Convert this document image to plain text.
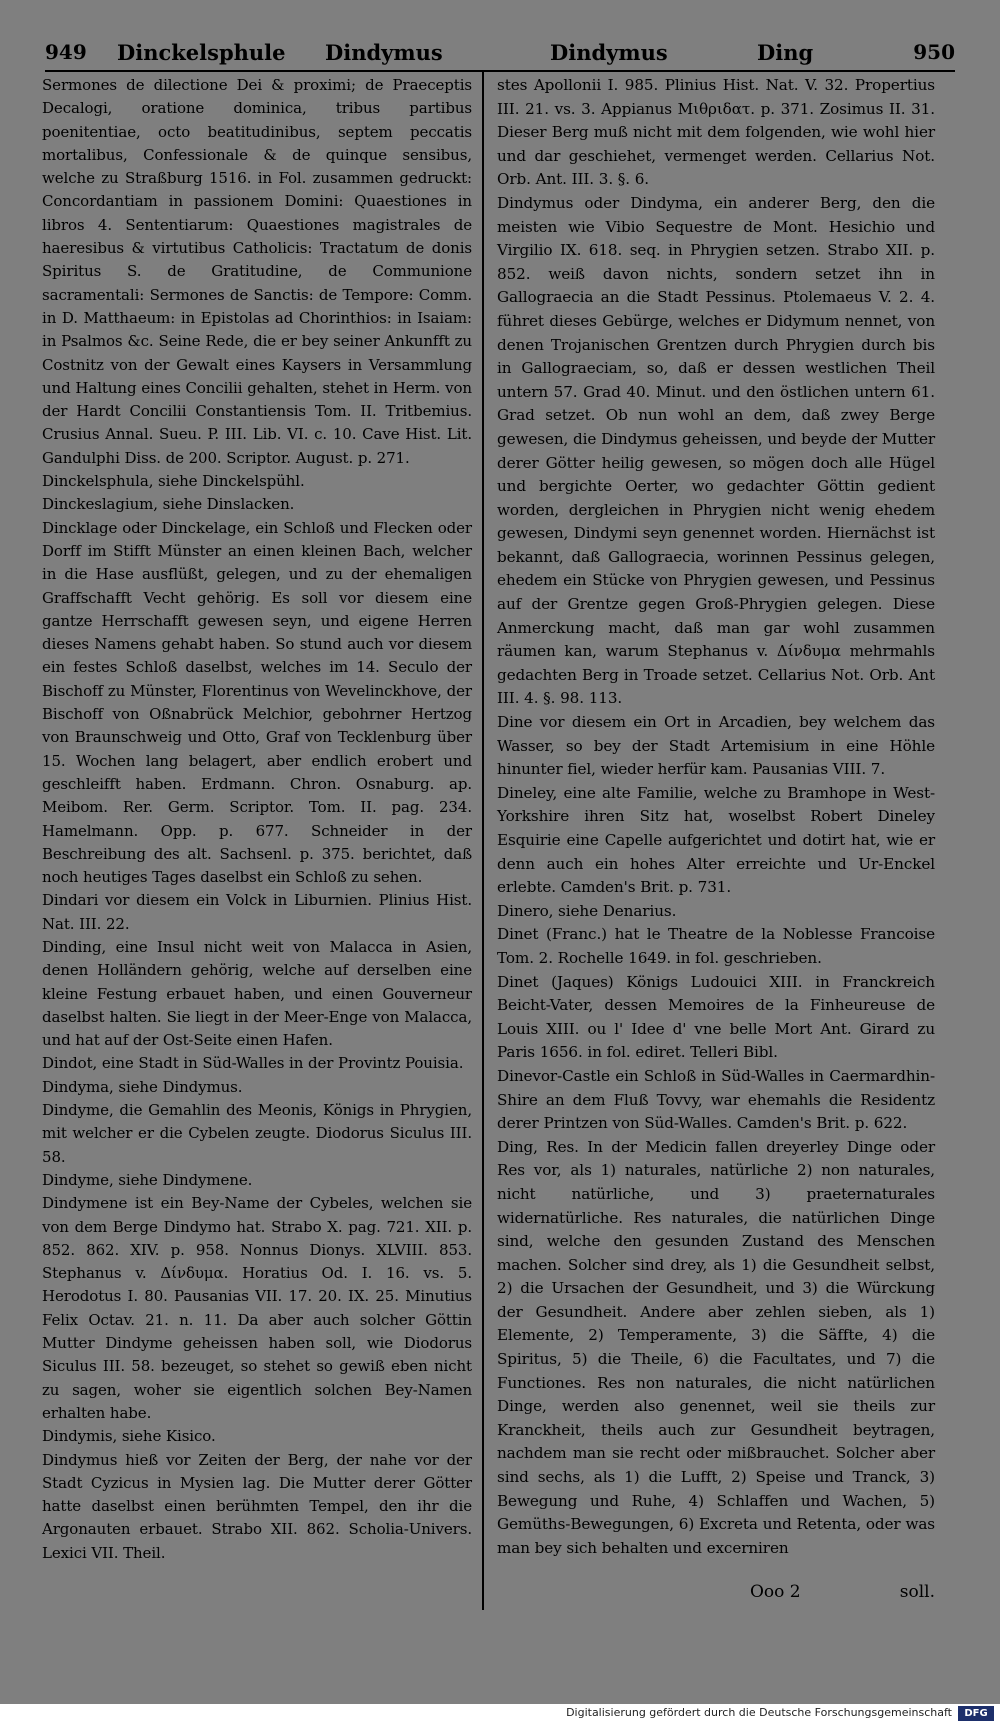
949 Dinckelsphule Dindymus	Dindymus	Ding	950

Sermones de dilectione Dei & proximi; de Praeceptis Decalogi, oratione dominica, tribus partibus poenitentiae, octo beatitudinibus, septem peccatis mortalibus, Confessionale & de quinque sensibus, welche zu Straßburg 1516. in Fol. zusammen gedruckt: Concordantiam in passionem Domini: Quaestiones in libros 4. Sententiarum: Quaestiones magistrales de haeresibus & virtutibus Catholicis: Tractatum de donis Spiritus S. de Gratitudine, de Communione sacramentali: Sermones de Sanctis: de Tempore: Comm. in D. Matthaeum: in Epistolas ad Chorinthios: in Isaiam: in Psalmos &c. Seine Rede, die er bey seiner Ankunfft zu Costnitz von der Gewalt eines Kaysers in Versammlung und Haltung eines Concilii gehalten, stehet in Herm. von der Hardt Concilii Constantiensis Tom. II. Tritbemius. Crusius Annal. Sueu. P. III. Lib. VI. c. 10. Cave Hist. Lit. Gandulphi Diss. de 200. Scriptor. August. p. 271.

Dinckelsphula, siehe Dinckelspühl.

Dinckeslagium, siehe Dinslacken.

Dincklage oder Dinckelage, ein Schloß und Flecken oder Dorff im Stifft Münster an einen kleinen Bach, welcher in die Hase ausflüßt, gelegen, und zu der ehemaligen Graffschafft Vecht gehörig. Es soll vor diesem eine gantze Herrschafft gewesen seyn, und eigene Herren dieses Namens gehabt haben. So stund auch vor diesem ein festes Schloß daselbst, welches im 14. Seculo der Bischoff zu Münster, Florentinus von Wevelinckhove, der Bischoff von Oßnabrück Melchior, gebohrner Hertzog von Braunschweig und Otto, Graf von Tecklenburg über 15. Wochen lang belagert, aber endlich erobert und geschleifft haben. Erdmann. Chron. Osnaburg. ap. Meibom. Rer. Germ. Scriptor. Tom. II. pag. 234. Hamelmann. Opp. p. 677. Schneider in der Beschreibung des alt. Sachsenl. p. 375. berichtet, daß noch heutiges Tages daselbst ein Schloß zu sehen.

Dindari vor diesem ein Volck in Liburnien. Plinius Hist. Nat. III. 22.

Dinding, eine Insul nicht weit von Malacca in Asien, denen Holländern gehörig, welche auf derselben eine kleine Festung erbauet haben, und einen Gouverneur daselbst halten. Sie liegt in der Meer-Enge von Malacca, und hat auf der Ost-Seite einen Hafen.

Dindot, eine Stadt in Süd-Walles in der Provintz Pouisia.

Dindyma, siehe Dindymus.

Dindyme, die Gemahlin des Meonis, Königs in Phrygien, mit welcher er die Cybelen zeugte. Diodorus Siculus III. 58.

Dindyme, siehe Dindymene.

Dindymene ist ein Bey-Name der Cybeles, welchen sie von dem Berge Dindymo hat. Strabo X. pag. 721. XII. p. 852. 862. XIV. p. 958. Nonnus Dionys. XLVIII. 853. Stephanus v. Δίνδυμα. Horatius Od. I. 16. vs. 5. Herodotus I. 80. Pausanias VII. 17. 20. IX. 25. Minutius Felix Octav. 21. n. 11. Da aber auch solcher Göttin Mutter Dindyme geheissen haben soll, wie Diodorus Siculus III. 58. bezeuget, so stehet so gewiß eben nicht zu sagen, woher sie eigentlich solchen Bey-Namen erhalten habe.

Dindymis, siehe Kisico.

Dindymus hieß vor Zeiten der Berg, der nahe vor der Stadt Cyzicus in Mysien lag. Die Mutter derer Götter hatte daselbst einen berühmten Tempel, den ihr die Argonauten erbauet. Strabo XII. 862. Scholia-Univers. Lexici VII. Theil.

stes Apollonii I. 985. Plinius Hist. Nat. V. 32. Propertius III. 21. vs. 3. Appianus Μιθριδατ. p. 371. Zosimus II. 31. Dieser Berg muß nicht mit dem folgenden, wie wohl hier und dar geschiehet, vermenget werden. Cellarius Not. Orb. Ant. III. 3. §. 6.

Dindymus oder Dindyma, ein anderer Berg, den die meisten wie Vibio Sequestre de Mont. Hesichio und Virgilio IX. 618. seq. in Phrygien setzen. Strabo XII. p. 852. weiß davon nichts, sondern setzet ihn in Gallograecia an die Stadt Pessinus. Ptolemaeus V. 2. 4. führet dieses Gebürge, welches er Didymum nennet, von denen Trojanischen Grentzen durch Phrygien durch bis in Gallograeciam, so, daß er dessen westlichen Theil untern 57. Grad 40. Minut. und den östlichen untern 61. Grad setzet. Ob nun wohl an dem, daß zwey Berge gewesen, die Dindymus geheissen, und beyde der Mutter derer Götter heilig gewesen, so mögen doch alle Hügel und bergichte Oerter, wo gedachter Göttin gedient worden, dergleichen in Phrygien nicht wenig ehedem gewesen, Dindymi seyn genennet worden. Hiernächst ist bekannt, daß Gallograecia, worinnen Pessinus gelegen, ehedem ein Stücke von Phrygien gewesen, und Pessinus auf der Grentze gegen Groß-Phrygien gelegen. Diese Anmerckung macht, daß man gar wohl zusammen räumen kan, warum Stephanus v. Δίνδυμα mehrmahls gedachten Berg in Troade setzet. Cellarius Not. Orb. Ant III. 4. §. 98. 113.

Dine vor diesem ein Ort in Arcadien, bey welchem das Wasser, so bey der Stadt Artemisium in eine Höhle hinunter fiel, wieder herfür kam. Pausanias VIII. 7.

Dineley, eine alte Familie, welche zu Bramhope in West-Yorkshire ihren Sitz hat, woselbst Robert Dineley Esquirie eine Capelle aufgerichtet und dotirt hat, wie er denn auch ein hohes Alter erreichte und Ur-Enckel erlebte. Camden's Brit. p. 731.

Dinero, siehe Denarius.

Dinet (Franc.) hat le Theatre de la Noblesse Francoise Tom. 2. Rochelle 1649. in fol. geschrieben.

Dinet (Jaques) Königs Ludouici XIII. in Franckreich Beicht-Vater, dessen Memoires de la Finheureuse de Louis XIII. ou l' Idee d' vne belle Mort Ant. Girard zu Paris 1656. in fol. ediret. Telleri Bibl.

Dinevor-Castle ein Schloß in Süd-Walles in Caermardhin-Shire an dem Fluß Tovvy, war ehemahls die Residentz derer Printzen von Süd-Walles. Camden's Brit. p. 622.

Ding, Res. In der Medicin fallen dreyerley Dinge oder Res vor, als 1) naturales, natürliche 2) non naturales, nicht natürliche, und 3) praeternaturales widernatürliche. Res naturales, die natürlichen Dinge sind, welche den gesunden Zustand des Menschen machen. Solcher sind drey, als 1) die Gesundheit selbst, 2) die Ursachen der Gesundheit, und 3) die Würckung der Gesundheit. Andere aber zehlen sieben, als 1) Elemente, 2) Temperamente, 3) die Säffte, 4) die Spiritus, 5) die Theile, 6) die Facultates, und 7) die Functiones. Res non naturales, die nicht natürlichen Dinge, werden also genennet, weil sie theils zur Kranckheit, theils auch zur Gesundheit beytragen, nachdem man sie recht oder mißbrauchet. Solcher aber sind sechs, als 1) die Lufft, 2) Speise und Tranck, 3) Bewegung und Ruhe, 4) Schlaffen und Wachen, 5) Gemüths-Bewegungen, 6) Excreta und Retenta, oder was man bey sich behalten und excerniren

Ooo 2	soll.
Digitalisierung gefördert durch die Deutsche Forschungsgemeinschaft	DFG
